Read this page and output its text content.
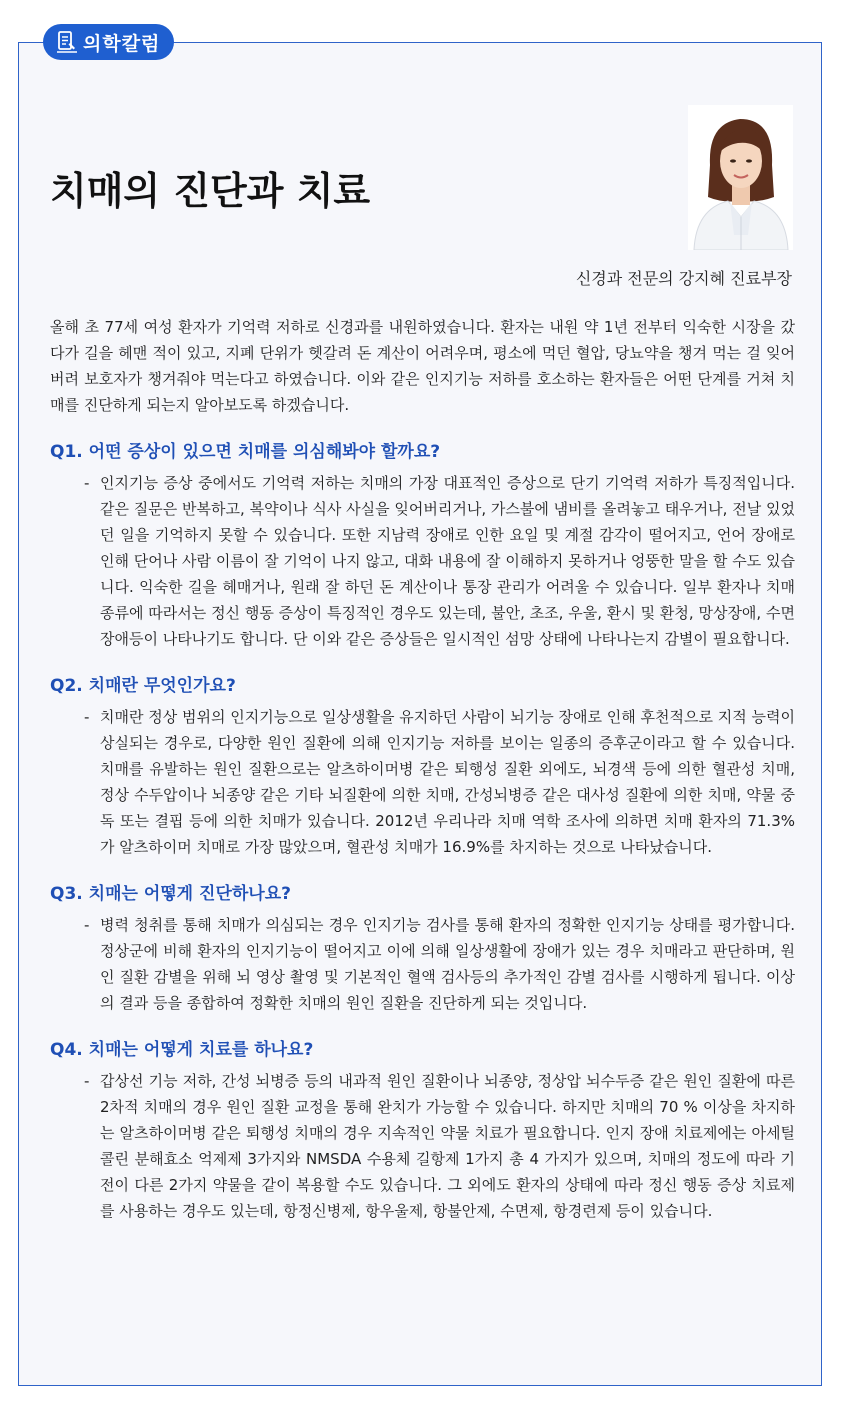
의학칼럼
치매의 진단과 치료
신경과 전문의 강지혜 진료부장

올해 초 77세 여성 환자가 기억력 저하로 신경과를 내원하였습니다. 환자는 내원 약 1년 전부터 익숙한 시장을 갔다가 길을 헤맨 적이 있고, 지폐 단위가 헷갈려 돈 계산이 어려우며, 평소에 먹던 혈압, 당뇨약을 챙겨 먹는 걸 잊어버려 보호자가 챙겨줘야 먹는다고 하였습니다. 이와 같은 인지기능 저하를 호소하는 환자들은 어떤 단계를 거쳐 치매를 진단하게 되는지 알아보도록 하겠습니다.

Q1. 어떤 증상이 있으면 치매를 의심해봐야 할까요?

- 인지기능 증상 중에서도 기억력 저하는 치매의 가장 대표적인 증상으로 단기 기억력 저하가 특징적입니다. 같은 질문은 반복하고, 복약이나 식사 사실을 잊어버리거나, 가스불에 냄비를 올려놓고 태우거나, 전날 있었던 일을 기억하지 못할 수 있습니다. 또한 지남력 장애로 인한 요일 및 계절 감각이 떨어지고, 언어 장애로 인해 단어나 사람 이름이 잘 기억이 나지 않고, 대화 내용에 잘 이해하지 못하거나 엉뚱한 말을 할 수도 있습니다. 익숙한 길을 헤매거나, 원래 잘 하던 돈 계산이나 통장 관리가 어려울 수 있습니다. 일부 환자나 치매 종류에 따라서는 정신 행동 증상이 특징적인 경우도 있는데, 불안, 초조, 우울, 환시 및 환청, 망상장애, 수면 장애등이 나타나기도 합니다. 단 이와 같은 증상들은 일시적인 섬망 상태에 나타나는지 감별이 필요합니다.

Q2. 치매란 무엇인가요?

- 치매란 정상 범위의 인지기능으로 일상생활을 유지하던 사람이 뇌기능 장애로 인해 후천적으로 지적 능력이 상실되는 경우로, 다양한 원인 질환에 의해 인지기능 저하를 보이는 일종의 증후군이라고 할 수 있습니다. 치매를 유발하는 원인 질환으로는 알츠하이머병 같은 퇴행성 질환 외에도, 뇌경색 등에 의한 혈관성 치매, 정상 수두압이나 뇌종양 같은 기타 뇌질환에 의한 치매, 간성뇌병증 같은 대사성 질환에 의한 치매, 약물 중독 또는 결핍 등에 의한 치매가 있습니다. 2012년 우리나라 치매 역학 조사에 의하면 치매 환자의 71.3% 가 알츠하이머 치매로 가장 많았으며, 혈관성 치매가 16.9%를 차지하는 것으로 나타났습니다.

Q3. 치매는 어떻게 진단하나요?

- 병력 청취를 통해 치매가 의심되는 경우 인지기능 검사를 통해 환자의 정확한 인지기능 상태를 평가합니다. 정상군에 비해 환자의 인지기능이 떨어지고 이에 의해 일상생활에 장애가 있는 경우 치매라고 판단하며, 원인 질환 감별을 위해 뇌 영상 촬영 및 기본적인 혈액 검사등의 추가적인 감별 검사를 시행하게 됩니다. 이상의 결과 등을 종합하여 정확한 치매의 원인 질환을 진단하게 되는 것입니다.

Q4. 치매는 어떻게 치료를 하나요?

- 갑상선 기능 저하, 간성 뇌병증 등의 내과적 원인 질환이나 뇌종양, 정상압 뇌수두증 같은 원인 질환에 따른 2차적 치매의 경우 원인 질환 교정을 통해 완치가 가능할 수 있습니다. 하지만 치매의 70 % 이상을 차지하는 알츠하이머병 같은 퇴행성 치매의 경우 지속적인 약물 치료가 필요합니다. 인지 장애 치료제에는 아세틸콜린 분해효소 억제제 3가지와 NMSDA 수용체 길항제 1가지 총 4 가지가 있으며, 치매의 정도에 따라 기전이 다른 2가지 약물을 같이 복용할 수도 있습니다. 그 외에도 환자의 상태에 따라 정신 행동 증상 치료제를 사용하는 경우도 있는데, 항정신병제, 항우울제, 항불안제, 수면제, 항경련제 등이 있습니다.
